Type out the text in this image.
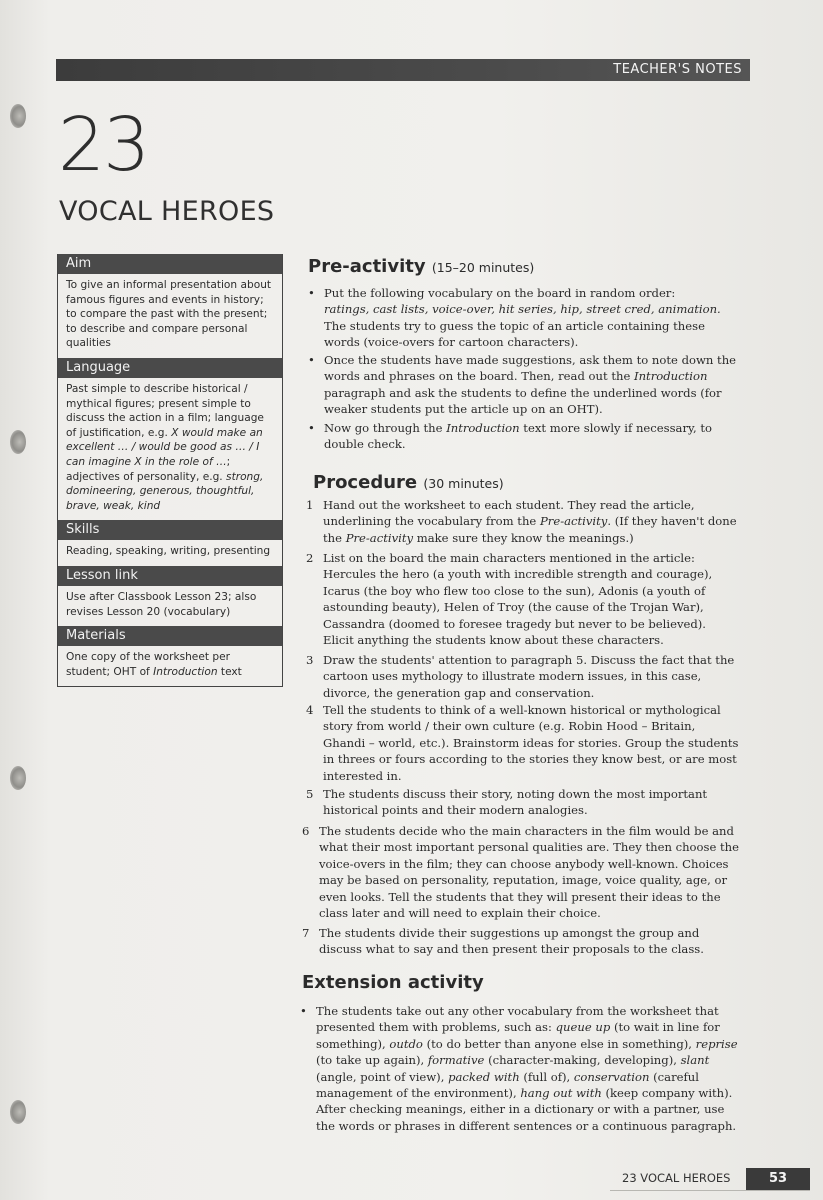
TEACHER'S NOTES
23
VOCAL HEROES
Aim
To give an informal presentation about famous figures and events in history; to compare the past with the present; to describe and compare personal qualities
Language
Past simple to describe historical / mythical figures; present simple to discuss the action in a film; language of justification, e.g. X would make an excellent … / would be good as … / I can imagine X in the role of …; adjectives of personality, e.g. strong, domineering, generous, thoughtful, brave, weak, kind
Skills
Reading, speaking, writing, presenting
Lesson link
Use after Classbook Lesson 23; also revises Lesson 20 (vocabulary)
Materials
One copy of the worksheet per student; OHT of Introduction text
Pre-activity (15–20 minutes)
• Put the following vocabulary on the board in random order:
ratings, cast lists, voice-over, hit series, hip, street cred, animation.
The students try to guess the topic of an article containing these words (voice-overs for cartoon characters).
• Once the students have made suggestions, ask them to note down the words and phrases on the board. Then, read out the Introduction paragraph and ask the students to define the underlined words (for weaker students put the article up on an OHT).
• Now go through the Introduction text more slowly if necessary, to double check.
Procedure (30 minutes)
1 Hand out the worksheet to each student. They read the article, underlining the vocabulary from the Pre-activity. (If they haven't done the Pre-activity make sure they know the meanings.)
2 List on the board the main characters mentioned in the article: Hercules the hero (a youth with incredible strength and courage), Icarus (the boy who flew too close to the sun), Adonis (a youth of astounding beauty), Helen of Troy (the cause of the Trojan War), Cassandra (doomed to foresee tragedy but never to be believed). Elicit anything the students know about these characters.
3 Draw the students' attention to paragraph 5. Discuss the fact that the cartoon uses mythology to illustrate modern issues, in this case, divorce, the generation gap and conservation.
4 Tell the students to think of a well-known historical or mythological story from world / their own culture (e.g. Robin Hood – Britain, Ghandi – world, etc.). Brainstorm ideas for stories. Group the students in threes or fours according to the stories they know best, or are most interested in.
5 The students discuss their story, noting down the most important historical points and their modern analogies.
6 The students decide who the main characters in the film would be and what their most important personal qualities are. They then choose the voice-overs in the film; they can choose anybody well-known. Choices may be based on personality, reputation, image, voice quality, age, or even looks. Tell the students that they will present their ideas to the class later and will need to explain their choice.
7 The students divide their suggestions up amongst the group and discuss what to say and then present their proposals to the class.
Extension activity
• The students take out any other vocabulary from the worksheet that presented them with problems, such as: queue up (to wait in line for something), outdo (to do better than anyone else in something), reprise (to take up again), formative (character-making, developing), slant (angle, point of view), packed with (full of), conservation (careful management of the environment), hang out with (keep company with). After checking meanings, either in a dictionary or with a partner, use the words or phrases in different sentences or a continuous paragraph.
23 VOCAL HEROES	53
